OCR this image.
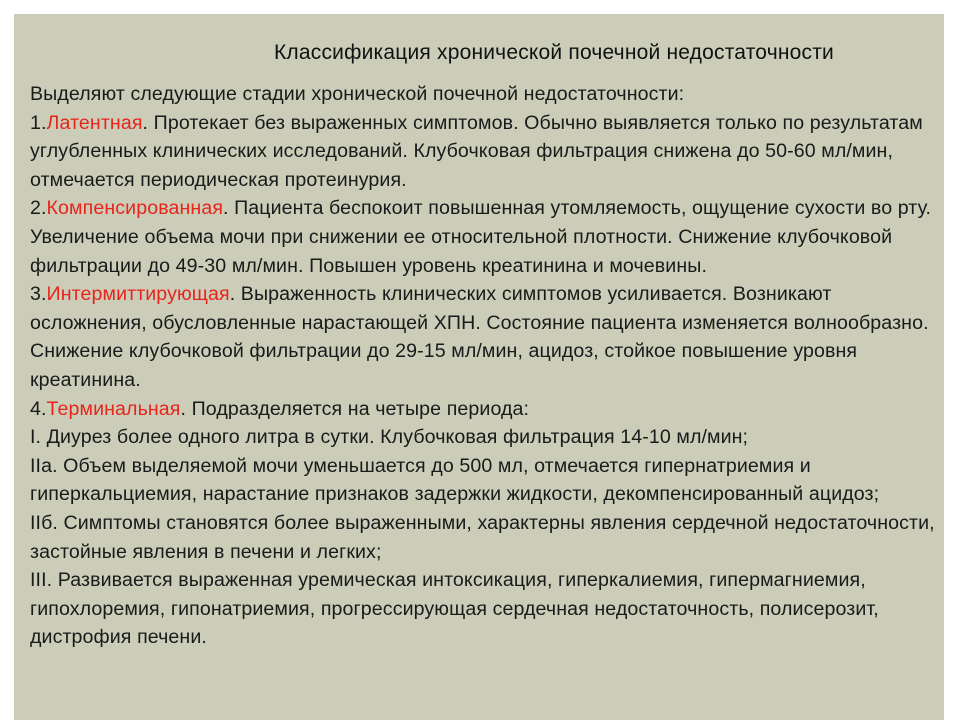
Классификация хронической почечной недостаточности

Выделяют следующие стадии хронической почечной недостаточности:

1.Латентная. Протекает без выраженных симптомов. Обычно выявляется только по результатам углубленных клинических исследований. Клубочковая фильтрация снижена до 50-60 мл/мин, отмечается периодическая протеинурия.

2.Компенсированная. Пациента беспокоит повышенная утомляемость, ощущение сухости во рту. Увеличение объема мочи при снижении ее относительной плотности. Снижение клубочковой фильтрации до 49-30 мл/мин. Повышен уровень креатинина и мочевины.

3.Интермиттирующая. Выраженность клинических симптомов усиливается. Возникают осложнения, обусловленные нарастающей ХПН. Состояние пациента изменяется волнообразно. Снижение клубочковой фильтрации до 29-15 мл/мин, ацидоз, стойкое повышение уровня креатинина.

4.Терминальная. Подразделяется на четыре периода:

I. Диурез более одного литра в сутки. Клубочковая фильтрация 14-10 мл/мин;

IIа. Объем выделяемой мочи уменьшается до 500 мл, отмечается гипернатриемия и гиперкальциемия, нарастание признаков задержки жидкости, декомпенсированный ацидоз;

IIб. Симптомы становятся более выраженными, характерны явления сердечной недостаточности, застойные явления в печени и легких;

III. Развивается выраженная уремическая интоксикация, гиперкалиемия, гипермагниемия, гипохлоремия, гипонатриемия, прогрессирующая сердечная недостаточность, полисерозит, дистрофия печени.
